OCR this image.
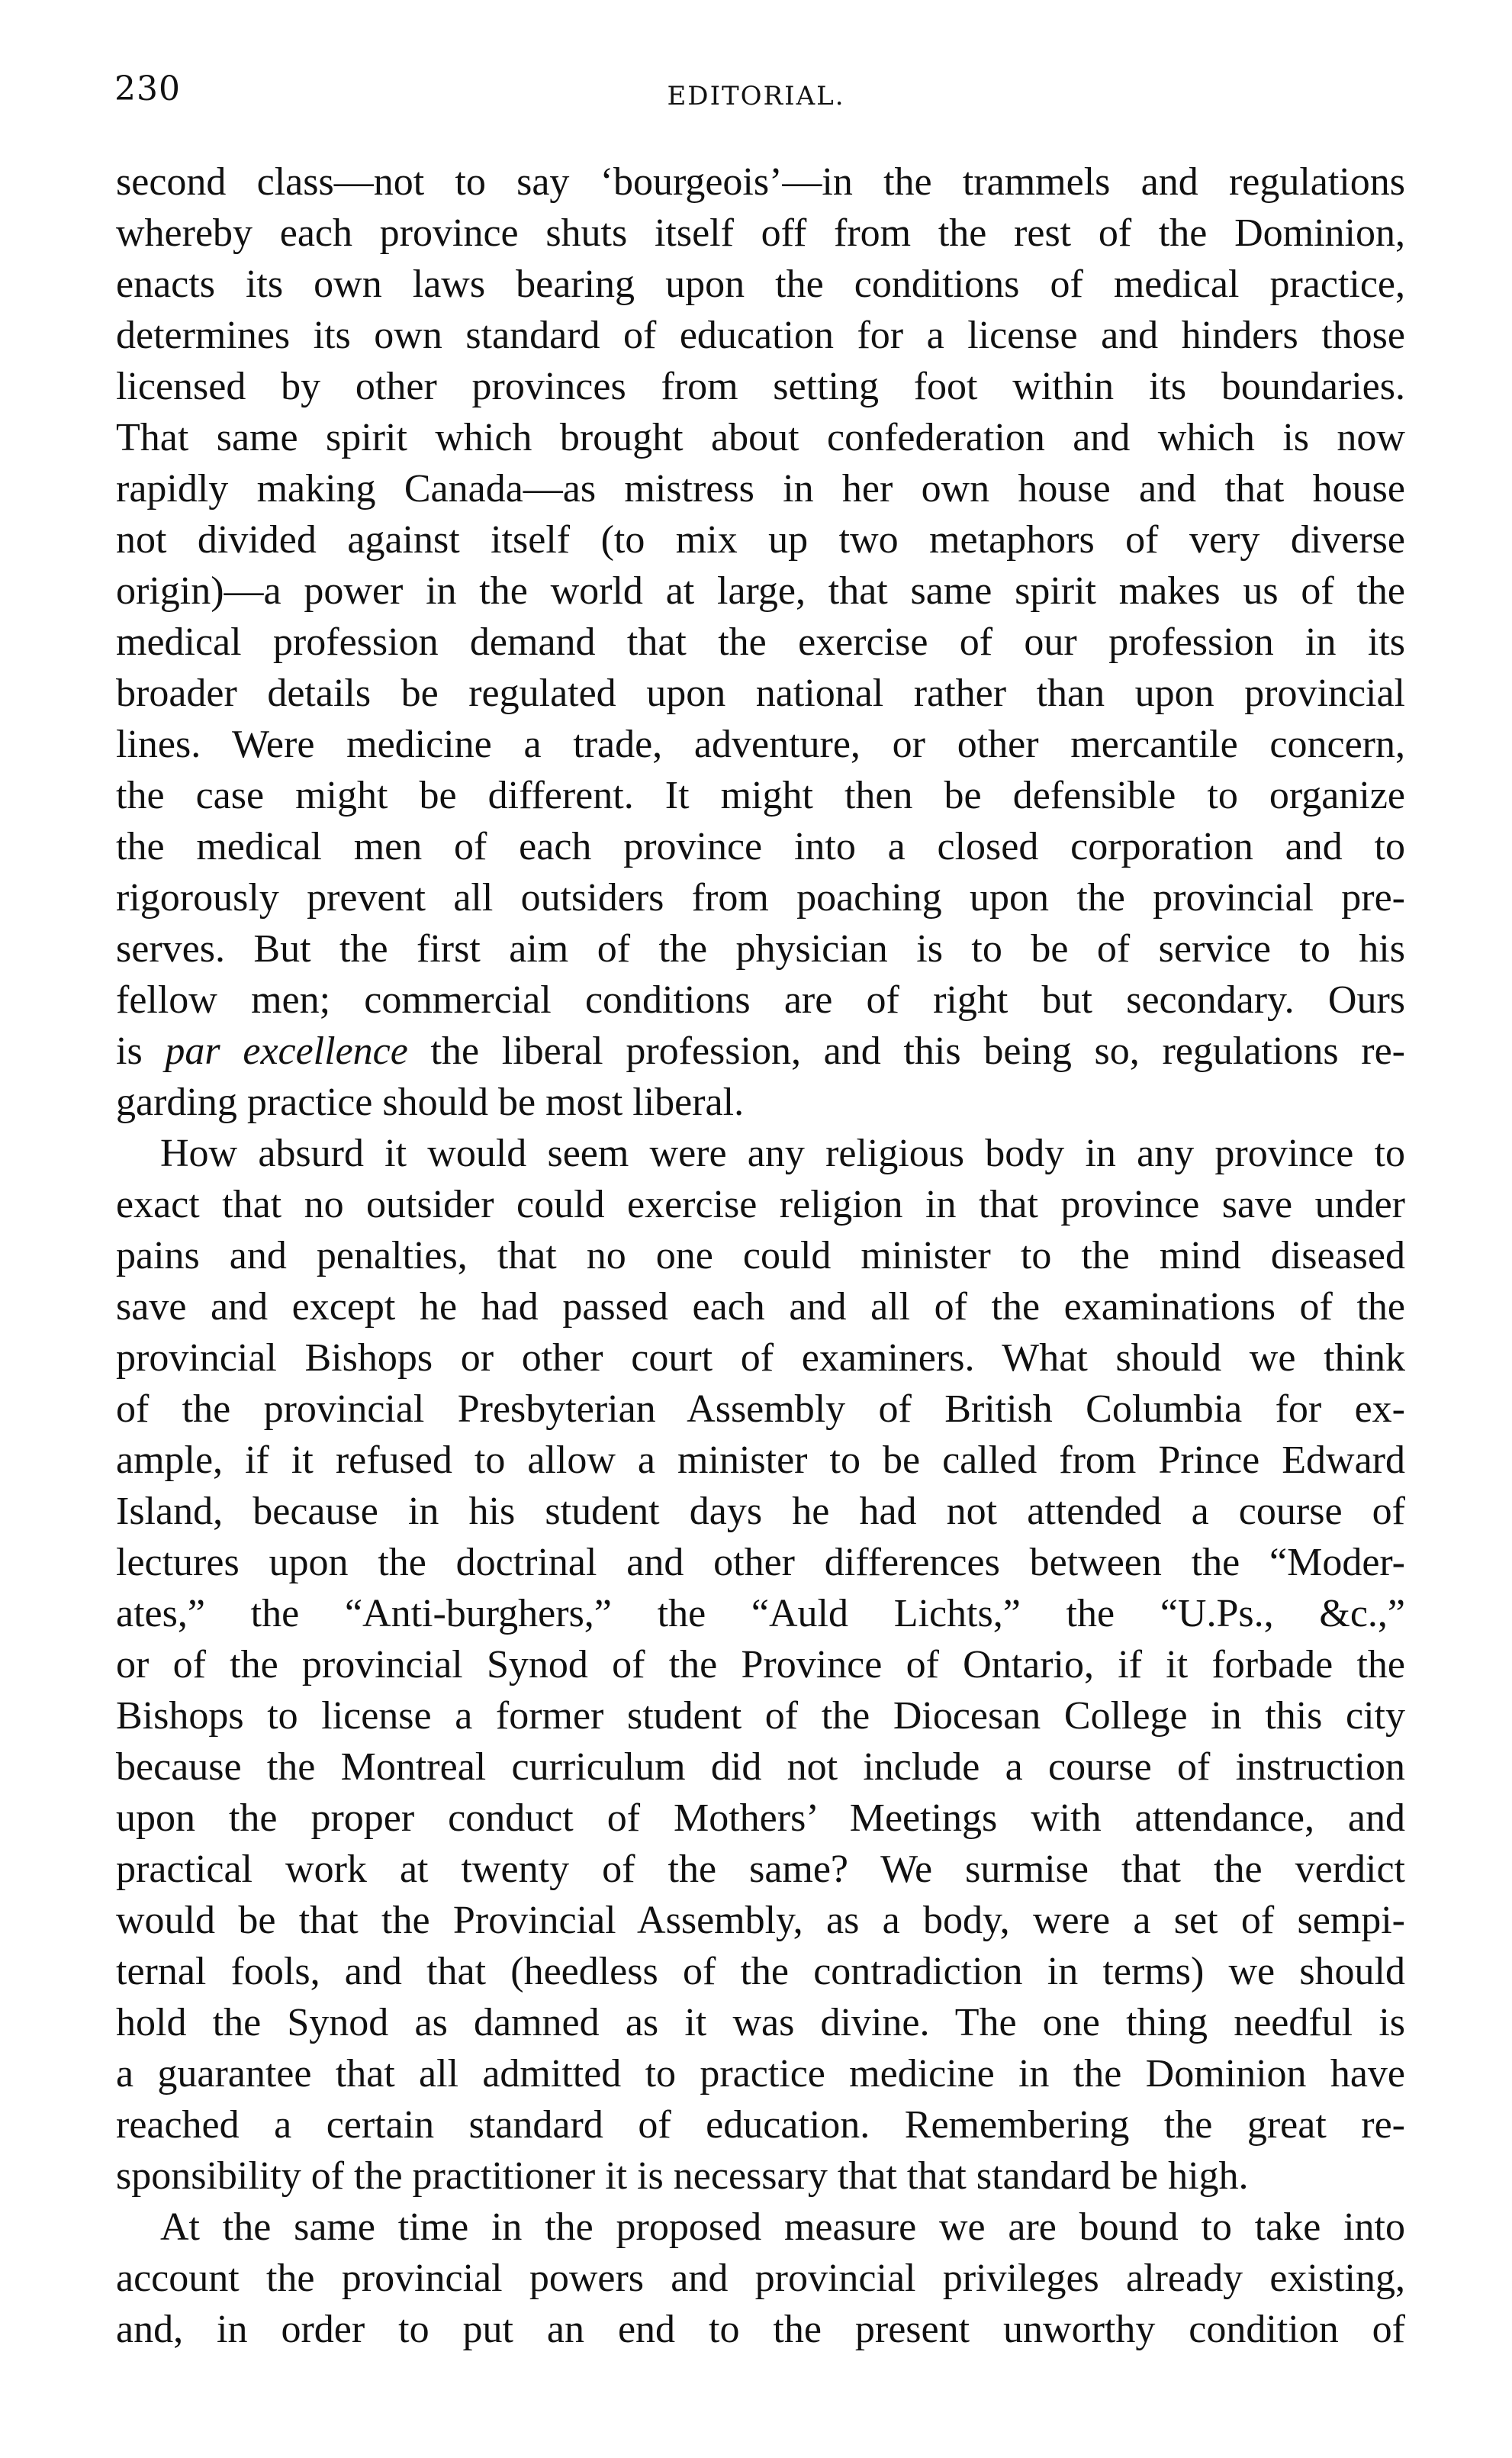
230	EDITORIAL.
second class—not to say ‘bourgeois’—in the trammels and regulations
whereby each province shuts itself off from the rest of the Dominion,
enacts its own laws bearing upon the conditions of medical practice,
determines its own standard of education for a license and hinders those
licensed by other provinces from setting foot within its boundaries.
That same spirit which brought about confederation and which is now
rapidly making Canada—as mistress in her own house and that house
not divided against itself (to mix up two metaphors of very diverse
origin)—a power in the world at large, that same spirit makes us of the
medical profession demand that the exercise of our profession in its
broader details be regulated upon national rather than upon provincial
lines. Were medicine a trade, adventure, or other mercantile concern,
the case might be different. It might then be defensible to organize
the medical men of each province into a closed corporation and to
rigorously prevent all outsiders from poaching upon the provincial pre-
serves. But the first aim of the physician is to be of service to his
fellow men; commercial conditions are of right but secondary. Ours
is par excellence the liberal profession, and this being so, regulations re-
garding practice should be most liberal.
How absurd it would seem were any religious body in any province to
exact that no outsider could exercise religion in that province save under
pains and penalties, that no one could minister to the mind diseased
save and except he had passed each and all of the examinations of the
provincial Bishops or other court of examiners. What should we think
of the provincial Presbyterian Assembly of British Columbia for ex-
ample, if it refused to allow a minister to be called from Prince Edward
Island, because in his student days he had not attended a course of
lectures upon the doctrinal and other differences between the “Moder-
ates,” the “Anti-burghers,” the “Auld Lichts,” the “U.Ps., &c.,”
or of the provincial Synod of the Province of Ontario, if it forbade the
Bishops to license a former student of the Diocesan College in this city
because the Montreal curriculum did not include a course of instruction
upon the proper conduct of Mothers’ Meetings with attendance, and
practical work at twenty of the same? We surmise that the verdict
would be that the Provincial Assembly, as a body, were a set of sempi-
ternal fools, and that (heedless of the contradiction in terms) we should
hold the Synod as damned as it was divine. The one thing needful is
a guarantee that all admitted to practice medicine in the Dominion have
reached a certain standard of education. Remembering the great re-
sponsibility of the practitioner it is necessary that that standard be high.
At the same time in the proposed measure we are bound to take into
account the provincial powers and provincial privileges already existing,
and, in order to put an end to the present unworthy condition of
